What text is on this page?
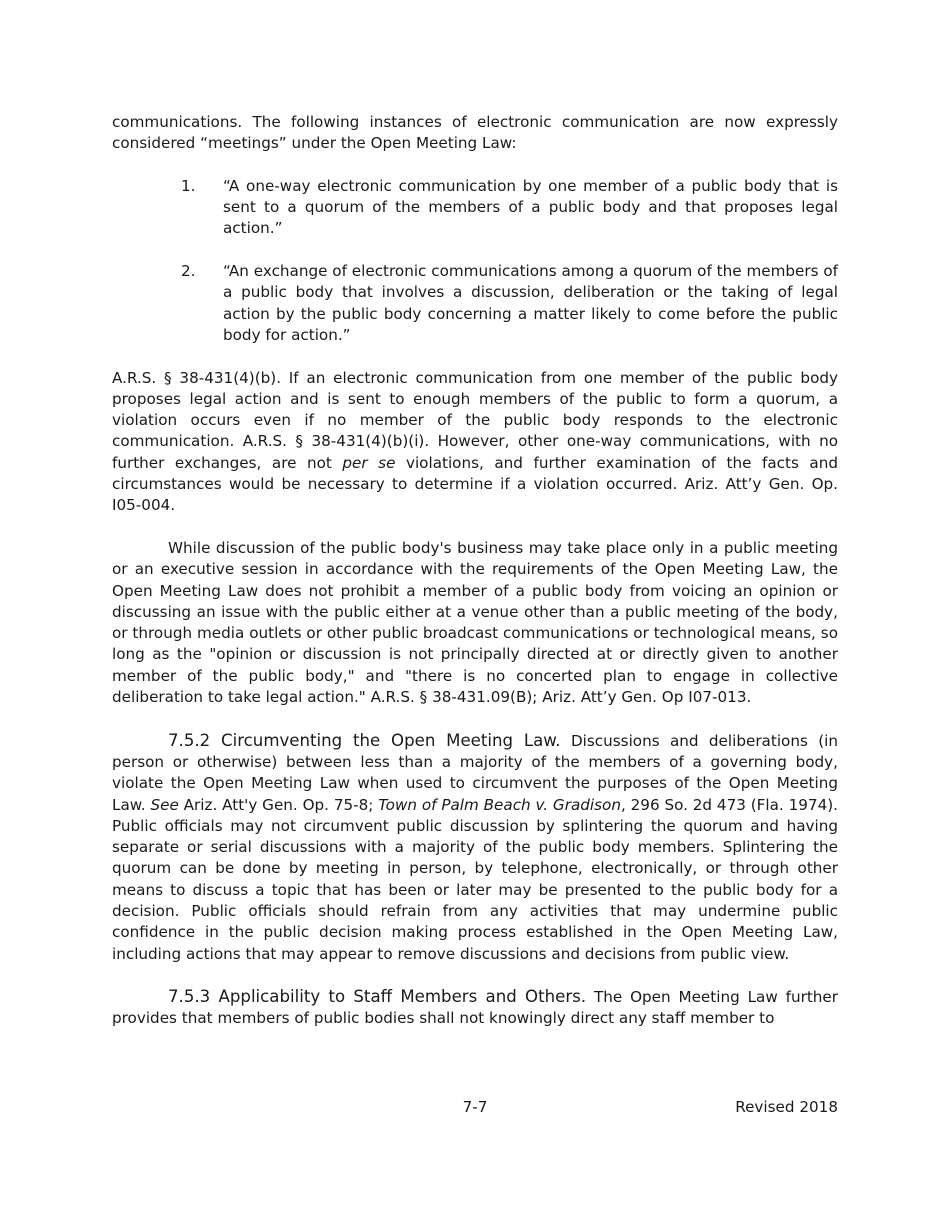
communications. The following instances of electronic communication are now expressly considered “meetings” under the Open Meeting Law:

1. “A one-way electronic communication by one member of a public body that is sent to a quorum of the members of a public body and that proposes legal action.”
2. “An exchange of electronic communications among a quorum of the members of a public body that involves a discussion, deliberation or the taking of legal action by the public body concerning a matter likely to come before the public body for action.”

A.R.S. § 38-431(4)(b). If an electronic communication from one member of the public body proposes legal action and is sent to enough members of the public to form a quorum, a violation occurs even if no member of the public body responds to the electronic communication. A.R.S. § 38-431(4)(b)(i). However, other one-way communications, with no further exchanges, are not per se violations, and further examination of the facts and circumstances would be necessary to determine if a violation occurred. Ariz. Att’y Gen. Op. I05-004.

While discussion of the public body's business may take place only in a public meeting or an executive session in accordance with the requirements of the Open Meeting Law, the Open Meeting Law does not prohibit a member of a public body from voicing an opinion or discussing an issue with the public either at a venue other than a public meeting of the body, or through media outlets or other public broadcast communications or technological means, so long as the "opinion or discussion is not principally directed at or directly given to another member of the public body," and "there is no concerted plan to engage in collective deliberation to take legal action." A.R.S. § 38-431.09(B); Ariz. Att’y Gen. Op I07-013.

7.5.2 Circumventing the Open Meeting Law. Discussions and deliberations (in person or otherwise) between less than a majority of the members of a governing body, violate the Open Meeting Law when used to circumvent the purposes of the Open Meeting Law. See Ariz. Att'y Gen. Op. 75-8; Town of Palm Beach v. Gradison, 296 So. 2d 473 (Fla. 1974). Public officials may not circumvent public discussion by splintering the quorum and having separate or serial discussions with a majority of the public body members. Splintering the quorum can be done by meeting in person, by telephone, electronically, or through other means to discuss a topic that has been or later may be presented to the public body for a decision. Public officials should refrain from any activities that may undermine public confidence in the public decision making process established in the Open Meeting Law, including actions that may appear to remove discussions and decisions from public view.

7.5.3 Applicability to Staff Members and Others. The Open Meeting Law further provides that members of public bodies shall not knowingly direct any staff member to

7-7	Revised 2018
